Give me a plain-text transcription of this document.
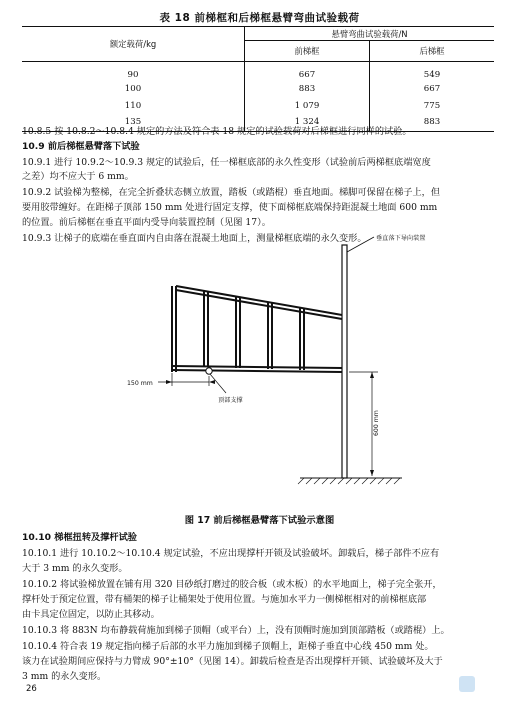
表 18 前梯框和后梯框悬臂弯曲试验载荷
额定载荷/kg	悬臂弯曲试验载荷/N	
	前梯框	后梯框
90	667	549
100	883	667
110	1 079	775
135	1 324	883
10.8.5 按 10.8.2～10.8.4 规定的方法及符合表 18 规定的试验载荷对后梯框进行同样的试验。
10.9 前后梯框悬臂落下试验
10.9.1 进行 10.9.2～10.9.3 规定的试验后，任一梯框底部的永久性变形（试验前后两梯框底端宽度
之差）均不应大于 6 mm。
10.9.2 试验梯为整梯，在完全折叠状态侧立放置，踏板（或踏棍）垂直地面。梯脚可保留在梯子上，但
要用胶带缠好。在距梯子顶部 150 mm 处进行固定支撑，使下面梯框底端保持距混凝土地面 600 mm
的位置。前后梯框在垂直平面内受导向装置控制（见图 17）。
10.9.3 让梯子的底端在垂直面内自由落在混凝土地面上，测量梯框底端的永久变形。	垂直落下导向装置
150 mm
顶部支撑
600 mm
图 17 前后梯框悬臂落下试验示意图
10.10 梯框扭转及撑杆试验
10.10.1 进行 10.10.2～10.10.4 规定试验，不应出现撑杆开锁及试验破坏。卸载后，梯子部件不应有
大于 3 mm 的永久变形。
10.10.2 将试验梯放置在铺有用 320 目砂纸打磨过的胶合板（或木板）的水平地面上，梯子完全张开，
撑杆处于预定位置，带有桶架的梯子让桶架处于使用位置。与施加水平力一侧梯框相对的前梯框底部
由卡具定位固定，以防止其移动。
10.10.3 将 883N 均布静载荷施加到梯子顶帽（或平台）上，没有顶帽时施加到顶部踏板（或踏棍）上。
10.10.4 符合表 19 规定指向梯子后部的水平力施加到梯子顶帽上，距梯子垂直中心线 450 mm 处。
该力在试验期间应保持与力臂成 90°±10°（见图 14）。卸载后检查是否出现撑杆开锁、试验破坏及大于
3 mm 的永久变形。
26
